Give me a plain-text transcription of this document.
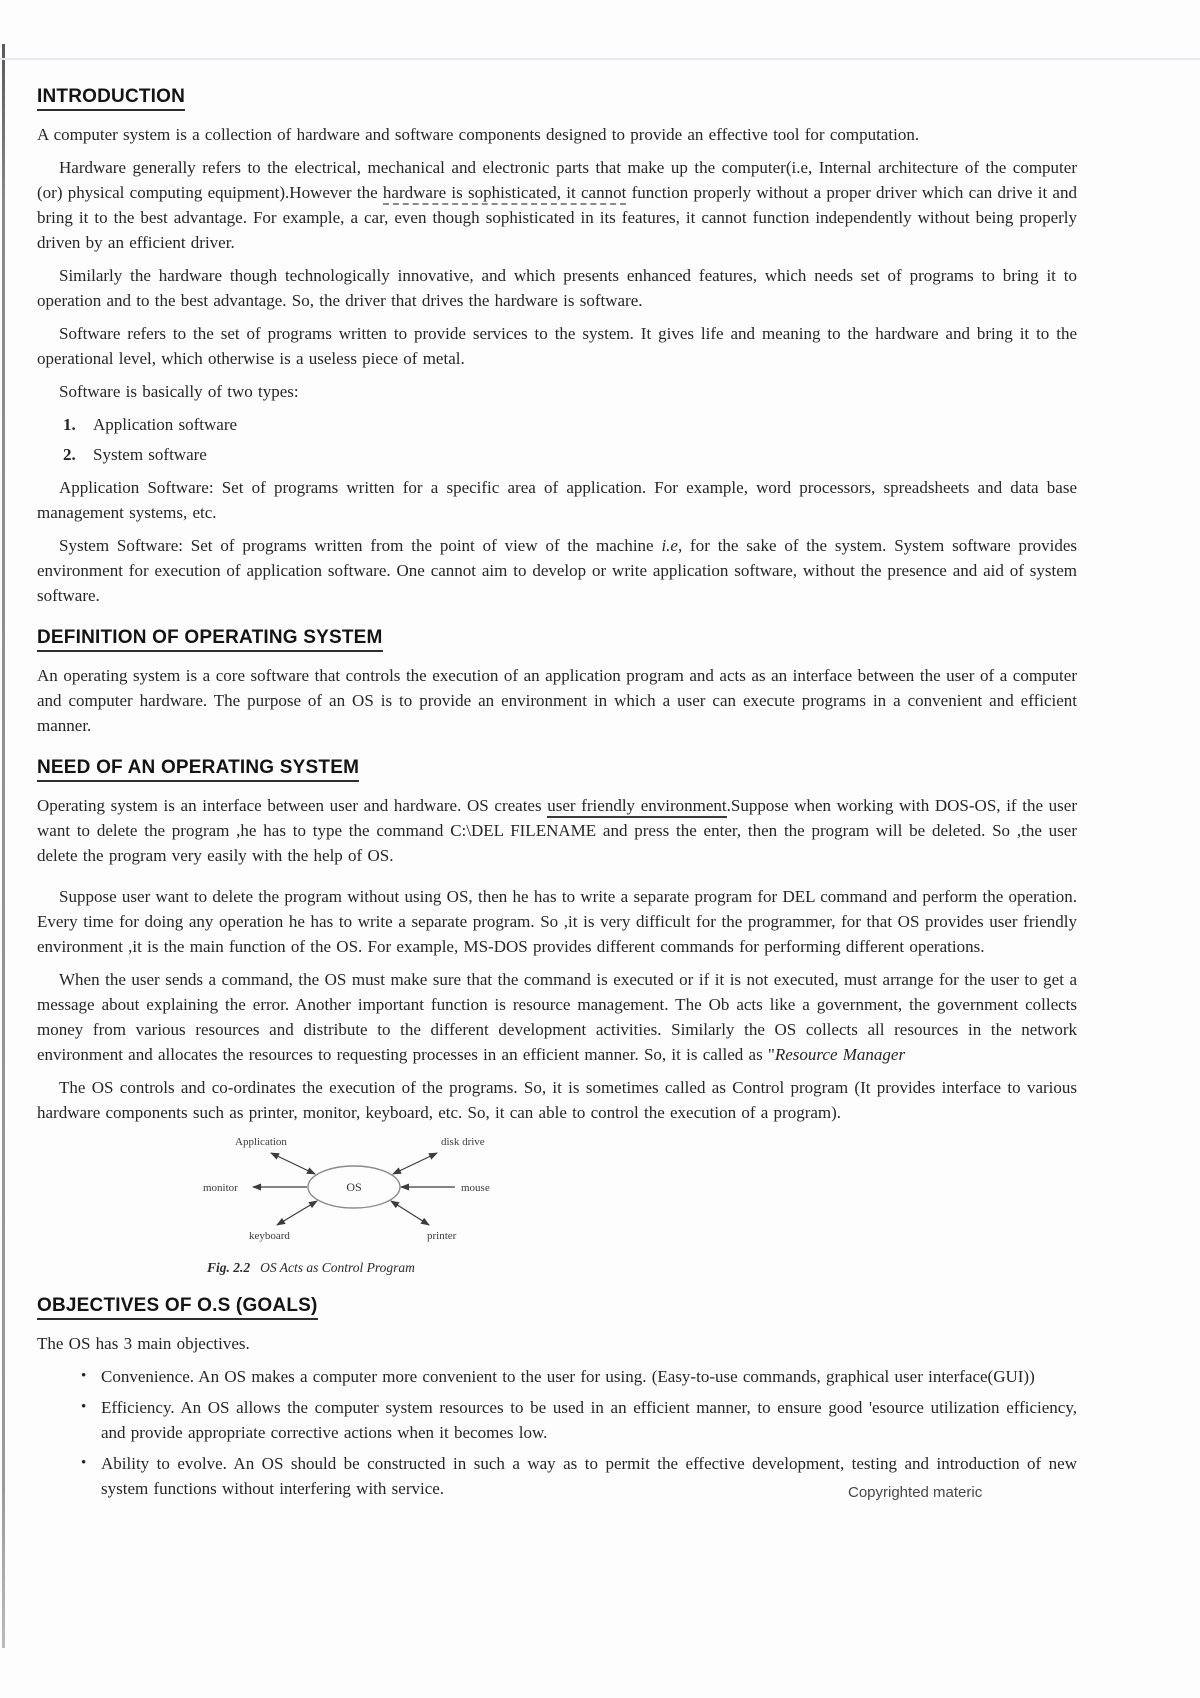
INTRODUCTION

A computer system is a collection of hardware and software components designed to provide an effective tool for computation.

Hardware generally refers to the electrical, mechanical and electronic parts that make up the computer(i.e, Internal architecture of the computer (or) physical computing equipment).However the hardware is sophisticated, it cannot function properly without a proper driver which can drive it and bring it to the best advantage. For example, a car, even though sophisticated in its features, it cannot function independently without being properly driven by an efficient driver.

Similarly the hardware though technologically innovative, and which presents enhanced features, which needs set of programs to bring it to operation and to the best advantage. So, the driver that drives the hardware is software.

Software refers to the set of programs written to provide services to the system. It gives life and meaning to the hardware and bring it to the operational level, which otherwise is a useless piece of metal.

Software is basically of two types:

1. Application software

2. System software

Application Software: Set of programs written for a specific area of application. For example, word processors, spreadsheets and data base management systems, etc.

System Software: Set of programs written from the point of view of the machine i.e, for the sake of the system. System software provides environment for execution of application software. One cannot aim to develop or write application software, without the presence and aid of system software.

DEFINITION OF OPERATING SYSTEM

An operating system is a core software that controls the execution of an application program and acts as an interface between the user of a computer and computer hardware. The purpose of an OS is to provide an environment in which a user can execute programs in a convenient and efficient manner.

NEED OF AN OPERATING SYSTEM

Operating system is an interface between user and hardware. OS creates user friendly environment.Suppose when working with DOS-OS, if the user want to delete the program ,he has to type the command C:\DEL FILENAME and press the enter, then the program will be deleted. So ,the user delete the program very easily with the help of OS.

Suppose user want to delete the program without using OS, then he has to write a separate program for DEL command and perform the operation. Every time for doing any operation he has to write a separate program. So ,it is very difficult for the programmer, for that OS provides user friendly environment ,it is the main function of the OS. For example, MS-DOS provides different commands for performing different operations.

When the user sends a command, the OS must make sure that the command is executed or if it is not executed, must arrange for the user to get a message about explaining the error. Another important function is resource management. The Ob acts like a government, the government collects money from various resources and distribute to the different development activities. Similarly the OS collects all resources in the network environment and allocates the resources to requesting processes in an efficient manner. So, it is called as "Resource Manager

The OS controls and co-ordinates the execution of the programs. So, it is sometimes called as Control program (It provides interface to various hardware components such as printer, monitor, keyboard, etc. So, it can able to control the execution of a program).

OS
Application	disk drive
monitor	mouse
keyboard	printer
Fig. 2.2 OS Acts as Control Program
OBJECTIVES OF O.S (GOALS)

The OS has 3 main objectives.

•

Convenience. An OS makes a computer more convenient to the user for using. (Easy-to-use commands, graphical user interface(GUI))

•

Efficiency. An OS allows the computer system resources to be used in an efficient manner, to ensure good 'esource utilization efficiency, and provide appropriate corrective actions when it becomes low.

•

Ability to evolve. An OS should be constructed in such a way as to permit the effective development, testing and introduction of new system functions without interfering with service.	Copyrighted materic
